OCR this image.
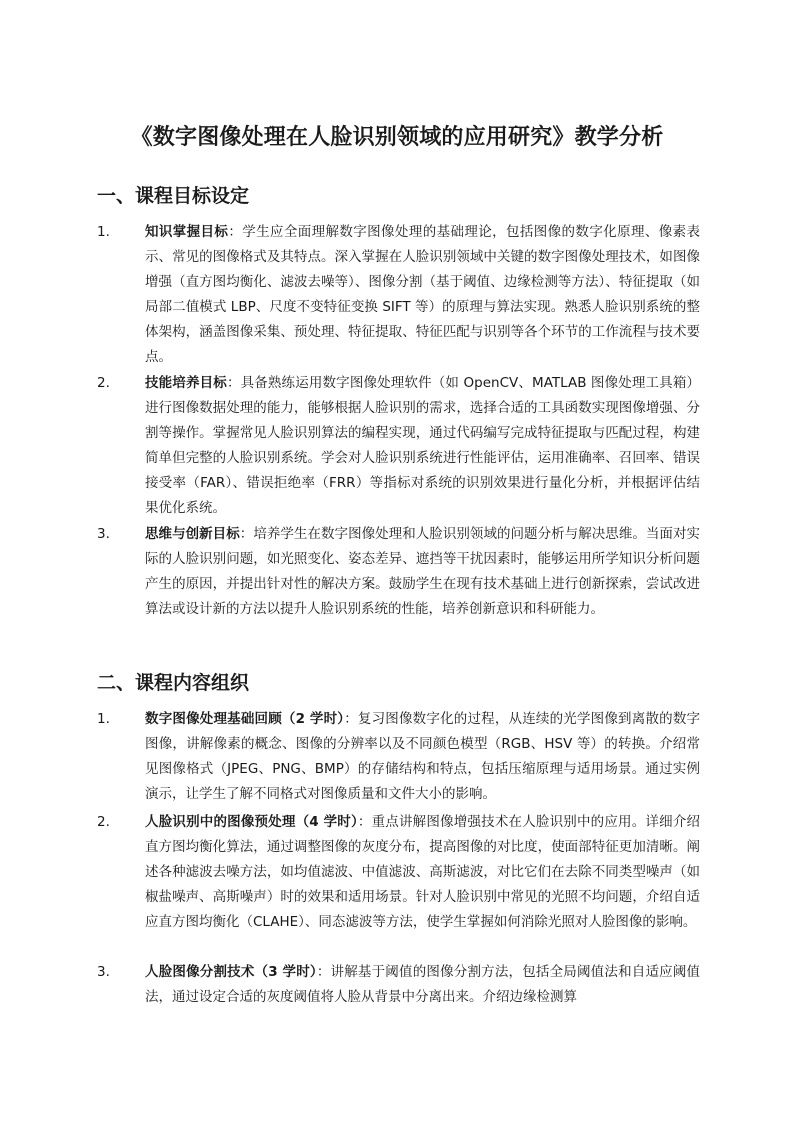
《数字图像处理在人脸识别领域的应用研究》教学分析
一、课程目标设定
1.	知识掌握目标：学生应全面理解数字图像处理的基础理论，包括图像的数字化原理、像素表示、常见的图像格式及其特点。深入掌握在人脸识别领域中关键的数字图像处理技术，如图像增强（直方图均衡化、滤波去噪等）、图像分割（基于阈值、边缘检测等方法）、特征提取（如局部二值模式 LBP、尺度不变特征变换 SIFT 等）的原理与算法实现。熟悉人脸识别系统的整体架构，涵盖图像采集、预处理、特征提取、特征匹配与识别等各个环节的工作流程与技术要点。
2.	技能培养目标：具备熟练运用数字图像处理软件（如 OpenCV、MATLAB 图像处理工具箱）进行图像数据处理的能力，能够根据人脸识别的需求，选择合适的工具函数实现图像增强、分割等操作。掌握常见人脸识别算法的编程实现，通过代码编写完成特征提取与匹配过程，构建简单但完整的人脸识别系统。学会对人脸识别系统进行性能评估，运用准确率、召回率、错误接受率（FAR）、错误拒绝率（FRR）等指标对系统的识别效果进行量化分析，并根据评估结果优化系统。
3.	思维与创新目标：培养学生在数字图像处理和人脸识别领域的问题分析与解决思维。当面对实际的人脸识别问题，如光照变化、姿态差异、遮挡等干扰因素时，能够运用所学知识分析问题产生的原因，并提出针对性的解决方案。鼓励学生在现有技术基础上进行创新探索，尝试改进算法或设计新的方法以提升人脸识别系统的性能，培养创新意识和科研能力。
二、课程内容组织
1.	数字图像处理基础回顾（2 学时）：复习图像数字化的过程，从连续的光学图像到离散的数字图像，讲解像素的概念、图像的分辨率以及不同颜色模型（RGB、HSV 等）的转换。介绍常见图像格式（JPEG、PNG、BMP）的存储结构和特点，包括压缩原理与适用场景。通过实例演示，让学生了解不同格式对图像质量和文件大小的影响。
2.	人脸识别中的图像预处理（4 学时）：重点讲解图像增强技术在人脸识别中的应用。详细介绍直方图均衡化算法，通过调整图像的灰度分布，提高图像的对比度，使面部特征更加清晰。阐述各种滤波去噪方法，如均值滤波、中值滤波、高斯滤波，对比它们在去除不同类型噪声（如椒盐噪声、高斯噪声）时的效果和适用场景。针对人脸识别中常见的光照不均问题，介绍自适应直方图均衡化（CLAHE）、同态滤波等方法，使学生掌握如何消除光照对人脸图像的影响。
3.	人脸图像分割技术（3 学时）：讲解基于阈值的图像分割方法，包括全局阈值法和自适应阈值法，通过设定合适的灰度阈值将人脸从背景中分离出来。介绍边缘检测算
